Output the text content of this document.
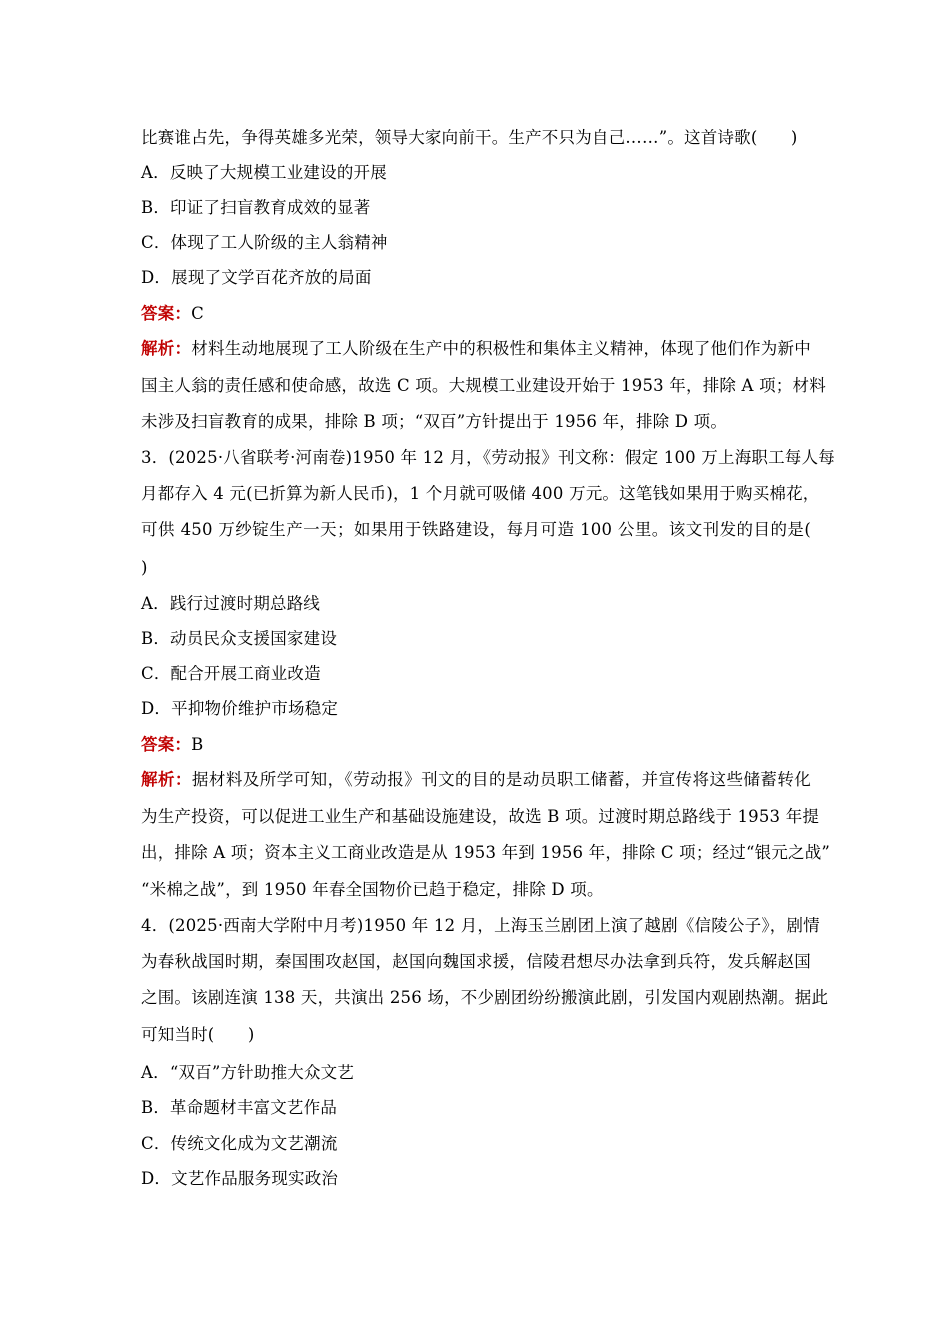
比赛谁占先，争得英雄多光荣，领导大家向前干。生产不只为自己……”。这首诗歌(　　)
A．反映了大规模工业建设的开展
B．印证了扫盲教育成效的显著
C．体现了工人阶级的主人翁精神
D．展现了文学百花齐放的局面
答案：C
解析：材料生动地展现了工人阶级在生产中的积极性和集体主义精神，体现了他们作为新中
国主人翁的责任感和使命感，故选 C 项。大规模工业建设开始于 1953 年，排除 A 项；材料
未涉及扫盲教育的成果，排除 B 项；“双百”方针提出于 1956 年，排除 D 项。
3．(2025·八省联考·河南卷)1950 年 12 月，《劳动报》刊文称：假定 100 万上海职工每人每
月都存入 4 元(已折算为新人民币)，1 个月就可吸储 400 万元。这笔钱如果用于购买棉花，
可供 450 万纱锭生产一天；如果用于铁路建设，每月可造 100 公里。该文刊发的目的是(
)
A．践行过渡时期总路线
B．动员民众支援国家建设
C．配合开展工商业改造
D．平抑物价维护市场稳定
答案：B
解析：据材料及所学可知，《劳动报》刊文的目的是动员职工储蓄，并宣传将这些储蓄转化
为生产投资，可以促进工业生产和基础设施建设，故选 B 项。过渡时期总路线于 1953 年提
出，排除 A 项；资本主义工商业改造是从 1953 年到 1956 年，排除 C 项；经过“银元之战”
“米棉之战”，到 1950 年春全国物价已趋于稳定，排除 D 项。
4．(2025·西南大学附中月考)1950 年 12 月，上海玉兰剧团上演了越剧《信陵公子》，剧情
为春秋战国时期，秦国围攻赵国，赵国向魏国求援，信陵君想尽办法拿到兵符，发兵解赵国
之围。该剧连演 138 天，共演出 256 场，不少剧团纷纷搬演此剧，引发国内观剧热潮。据此
可知当时(　　)
A．“双百”方针助推大众文艺
B．革命题材丰富文艺作品
C．传统文化成为文艺潮流
D．文艺作品服务现实政治
